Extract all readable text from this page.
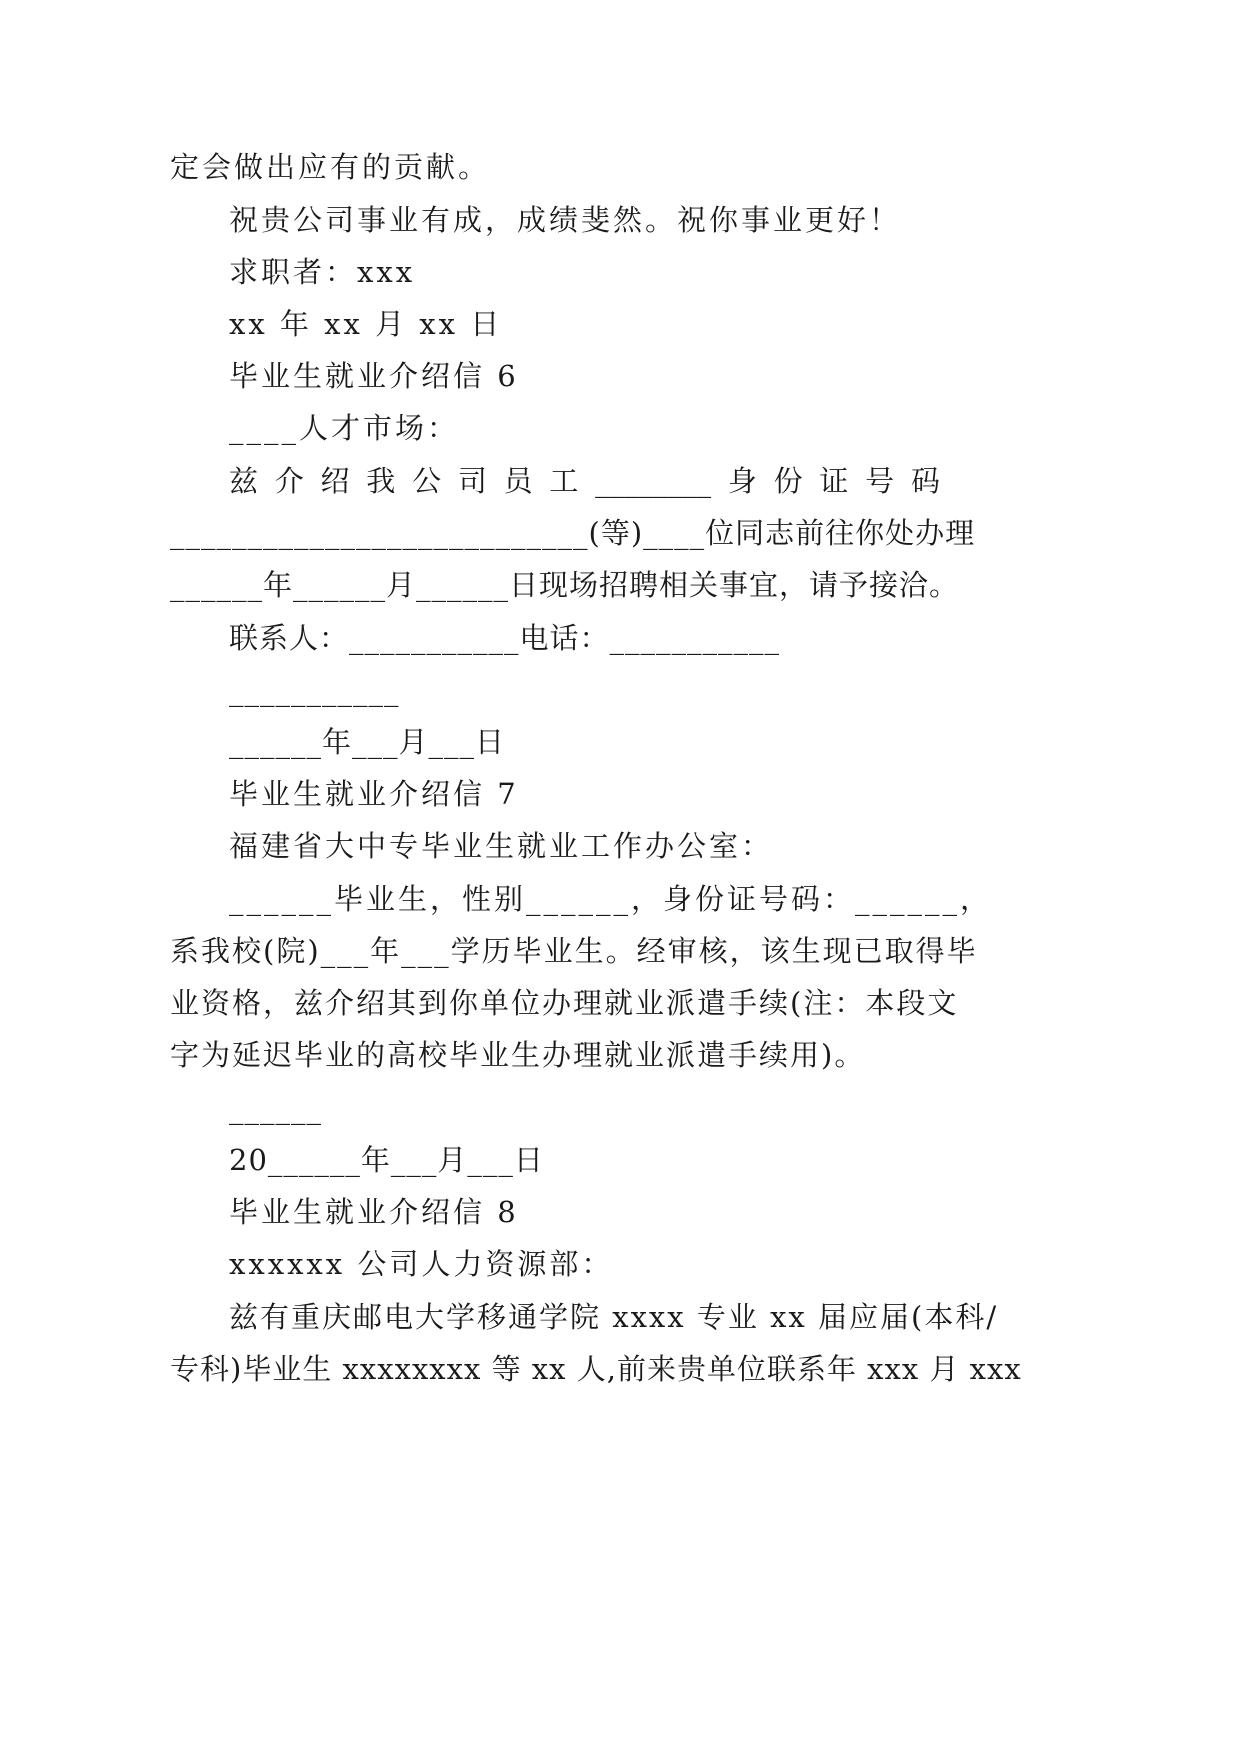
定会做出应有的贡献。
祝贵公司事业有成，成绩斐然。祝你事业更好！
求职者：xxx
xx 年 xx 月 xx 日
毕业生就业介绍信 6
____人才市场：
兹 介 绍 我 公 司 员 工 ________ 身 份 证 号 码
___________________________(等)____位同志前往你处办理
______年______月______日现场招聘相关事宜，请予接洽。
联系人：___________电话：___________
___________
______年___月___日
毕业生就业介绍信 7
福建省大中专毕业生就业工作办公室：
______毕业生 ，性别______ ，身份证号码：______，
系我校(院)___年___学历毕业生。经审核，该生现已取得毕
业资格，兹介绍其到你单位办理就业派遣手续(注：本段文
字为延迟毕业的高校毕业生办理就业派遣手续用)。
______
20______年___月___日
毕业生就业介绍信 8
xxxxxx 公司人力资源部：
兹有重庆邮电大学移通学院 xxxx 专业 xx 届应届(本科/
专科)毕业生 xxxxxxxx 等 xx 人,前来贵单位联系年 xxx 月 xxx
